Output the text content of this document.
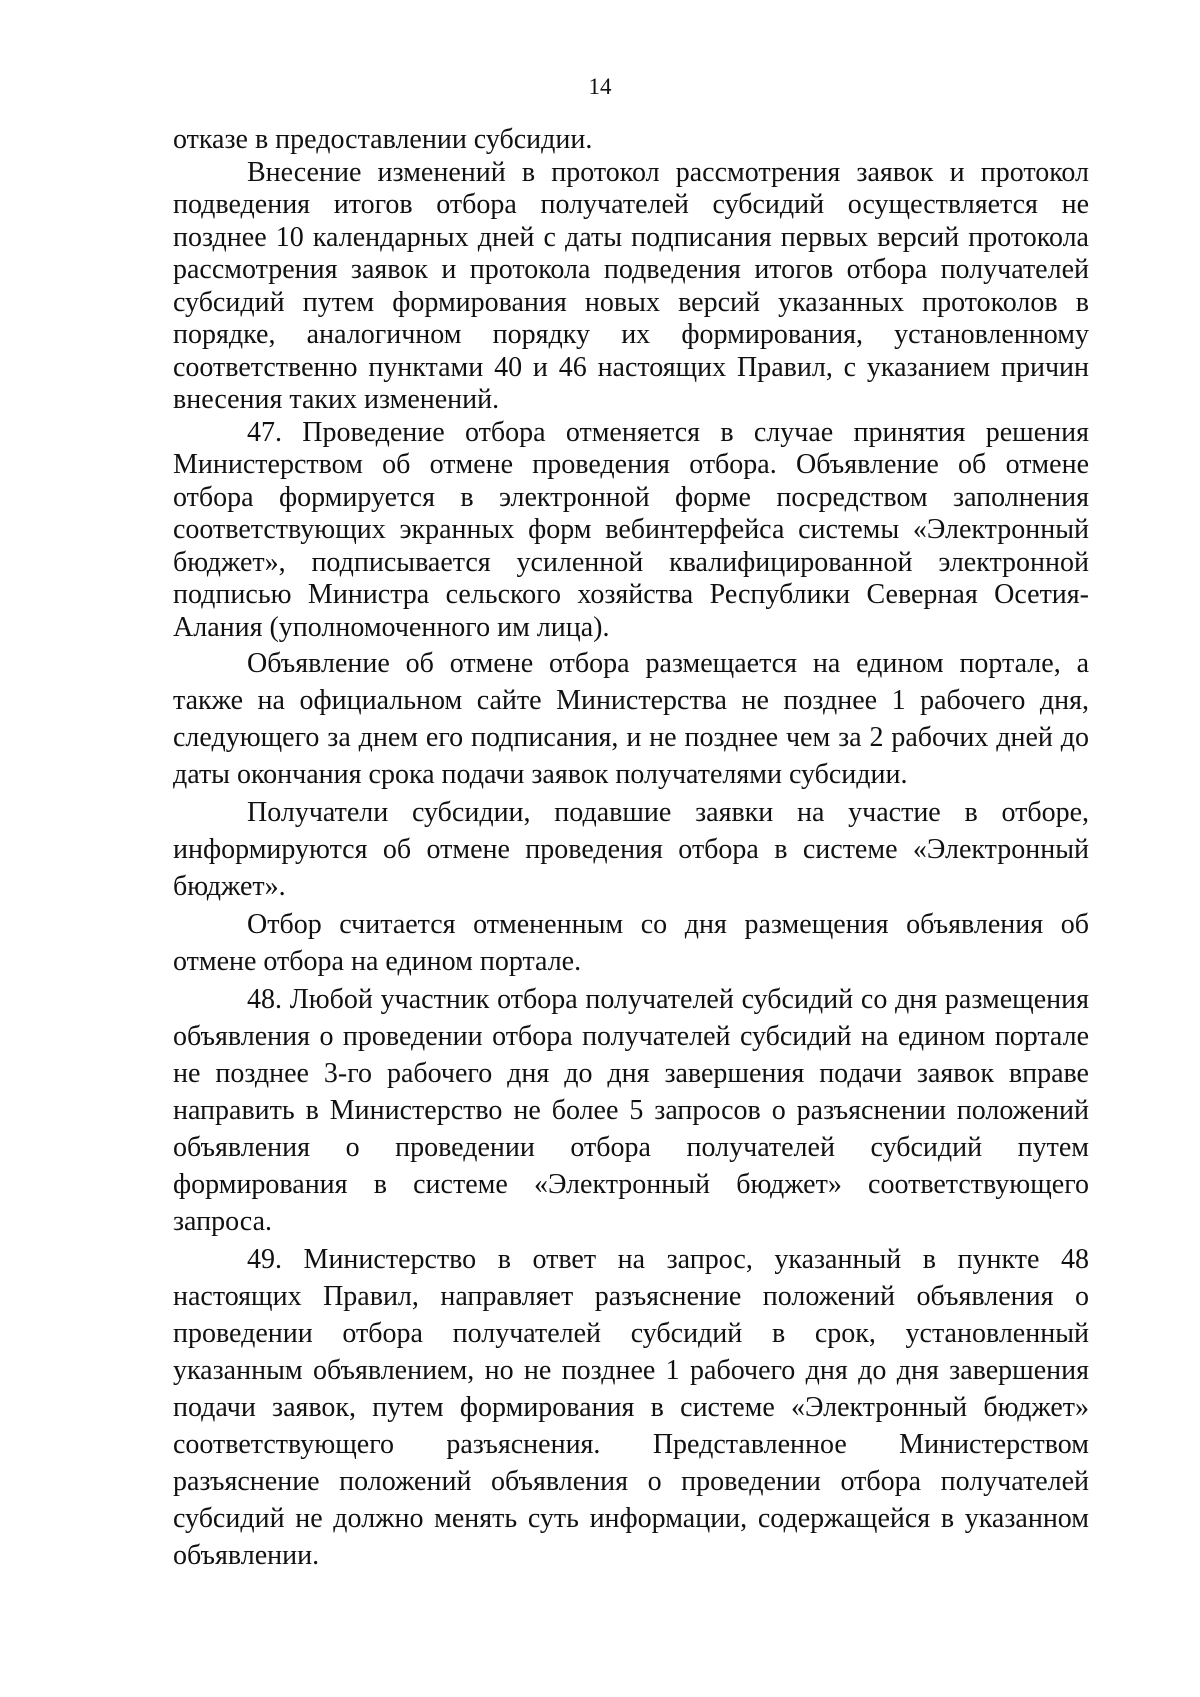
14

отказе в предоставлении субсидии.

Внесение изменений в протокол рассмотрения заявок и протокол подведения итогов отбора получателей субсидий осуществляется не позднее 10 календарных дней с даты подписания первых версий протокола рассмотрения заявок и протокола подведения итогов отбора получателей субсидий путем формирования новых версий указанных протоколов в порядке, аналогичном порядку их формирования, установленному соответственно пунктами 40 и 46 настоящих Правил, с указанием причин внесения таких изменений.

47. Проведение отбора отменяется в случае принятия решения Министерством об отмене проведения отбора. Объявление об отмене отбора формируется в электронной форме посредством заполнения соответствующих экранных форм вебинтерфейса системы «Электронный бюджет», подписывается усиленной квалифицированной электронной подписью Министра сельского хозяйства Республики Северная Осетия-Алания (уполномоченного им лица).

Объявление об отмене отбора размещается на едином портале, а также на официальном сайте Министерства не позднее 1 рабочего дня, следующего за днем его подписания, и не позднее чем за 2 рабочих дней до даты окончания срока подачи заявок получателями субсидии.

Получатели субсидии, подавшие заявки на участие в отборе, информируются об отмене проведения отбора в системе «Электронный бюджет».

Отбор считается отмененным со дня размещения объявления об отмене отбора на едином портале.

48. Любой участник отбора получателей субсидий со дня размещения объявления о проведении отбора получателей субсидий на едином портале не позднее 3-го рабочего дня до дня завершения подачи заявок вправе направить в Министерство не более 5 запросов о разъяснении положений объявления о проведении отбора получателей субсидий путем формирования в системе «Электронный бюджет» соответствующего запроса.

49. Министерство в ответ на запрос, указанный в пункте 48 настоящих Правил, направляет разъяснение положений объявления о проведении отбора получателей субсидий в срок, установленный указанным объявлением, но не позднее 1 рабочего дня до дня завершения подачи заявок, путем формирования в системе «Электронный бюджет» соответствующего разъяснения. Представленное Министерством разъяснение положений объявления о проведении отбора получателей субсидий не должно менять суть информации, содержащейся в указанном объявлении.
